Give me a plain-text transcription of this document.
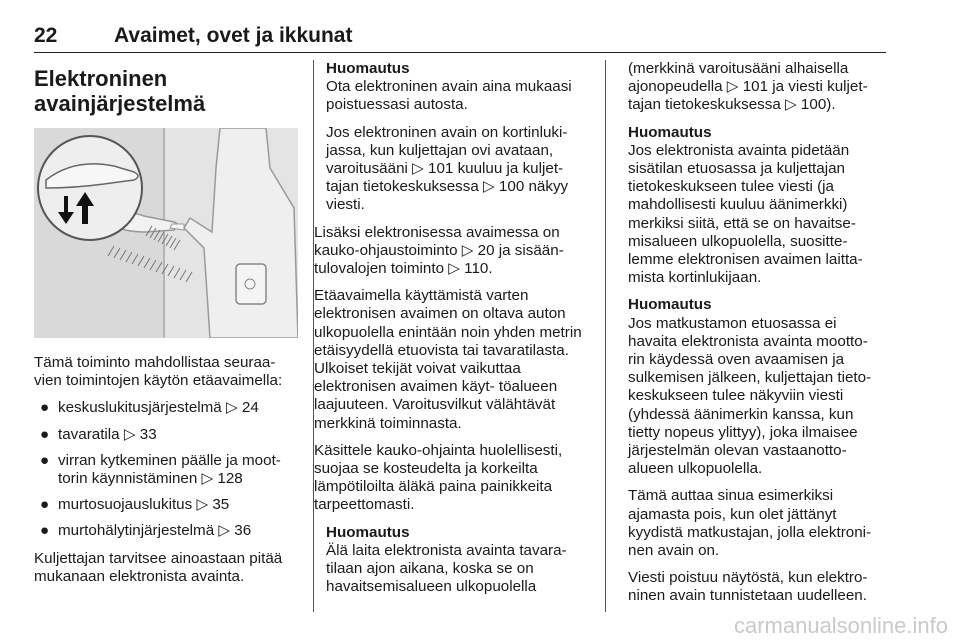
22	Avaimet, ovet ja ikkunat
Elektroninen
avainjärjestelmä

Tämä toiminto mahdollistaa seuraa- vien toimintojen käytön etäavaimella:

● keskuslukitusjärjestelmä ▷ 24
● tavaratila ▷ 33
● virran kytkeminen päälle ja moot- torin käynnistäminen ▷ 128
● murtosuojauslukitus ▷ 35
● murtohälytinjärjestelmä ▷ 36

Kuljettajan tarvitsee ainoastaan pitää mukanaan elektronista avainta.

Huomautus

Ota elektroninen avain aina mukaasi poistuessasi autosta.

Jos elektroninen avain on kortinluki- jassa, kun kuljettajan ovi avataan, varoitusääni ▷ 101 kuuluu ja kuljet- tajan tietokeskuksessa ▷ 100 näkyy viesti.

Lisäksi elektronisessa avaimessa on kauko-ohjaustoiminto ▷ 20 ja sisään- tulovalojen toiminto ▷ 110.

Etäavaimella käyttämistä varten elektronisen avaimen on oltava auton ulkopuolella enintään noin yhden metrin etäisyydellä etuovista tai tavaratilasta. Ulkoiset tekijät voivat vaikuttaa elektronisen avaimen käyt- töalueen laajuuteen. Varoitusvilkut välähtävät merkkinä toiminnasta.

Käsittele kauko-ohjainta huolellisesti, suojaa se kosteudelta ja korkeilta lämpötiloilta äläkä paina painikkeita tarpeettomasti.

Huomautus

Älä laita elektronista avainta tavara- tilaan ajon aikana, koska se on havaitsemisalueen ulkopuolella

(merkkinä varoitusääni alhaisella ajonopeudella ▷ 101 ja viesti kuljet- tajan tietokeskuksessa ▷ 100).

Huomautus

Jos elektronista avainta pidetään sisätilan etuosassa ja kuljettajan tietokeskukseen tulee viesti (ja mahdollisesti kuuluu äänimerkki) merkiksi siitä, että se on havaitse- misalueen ulkopuolella, suositte- lemme elektronisen avaimen laitta- mista kortinlukijaan.

Huomautus

Jos matkustamon etuosassa ei havaita elektronista avainta mootto- rin käydessä oven avaamisen ja sulkemisen jälkeen, kuljettajan tieto- keskukseen tulee näkyviin viesti (yhdessä äänimerkin kanssa, kun tietty nopeus ylittyy), joka ilmaisee järjestelmän olevan vastaanotto- alueen ulkopuolella.

Tämä auttaa sinua esimerkiksi ajamasta pois, kun olet jättänyt kyydistä matkustajan, jolla elektroni- nen avain on.

Viesti poistuu näytöstä, kun elektro- ninen avain tunnistetaan uudelleen.

carmanualsonline.info
